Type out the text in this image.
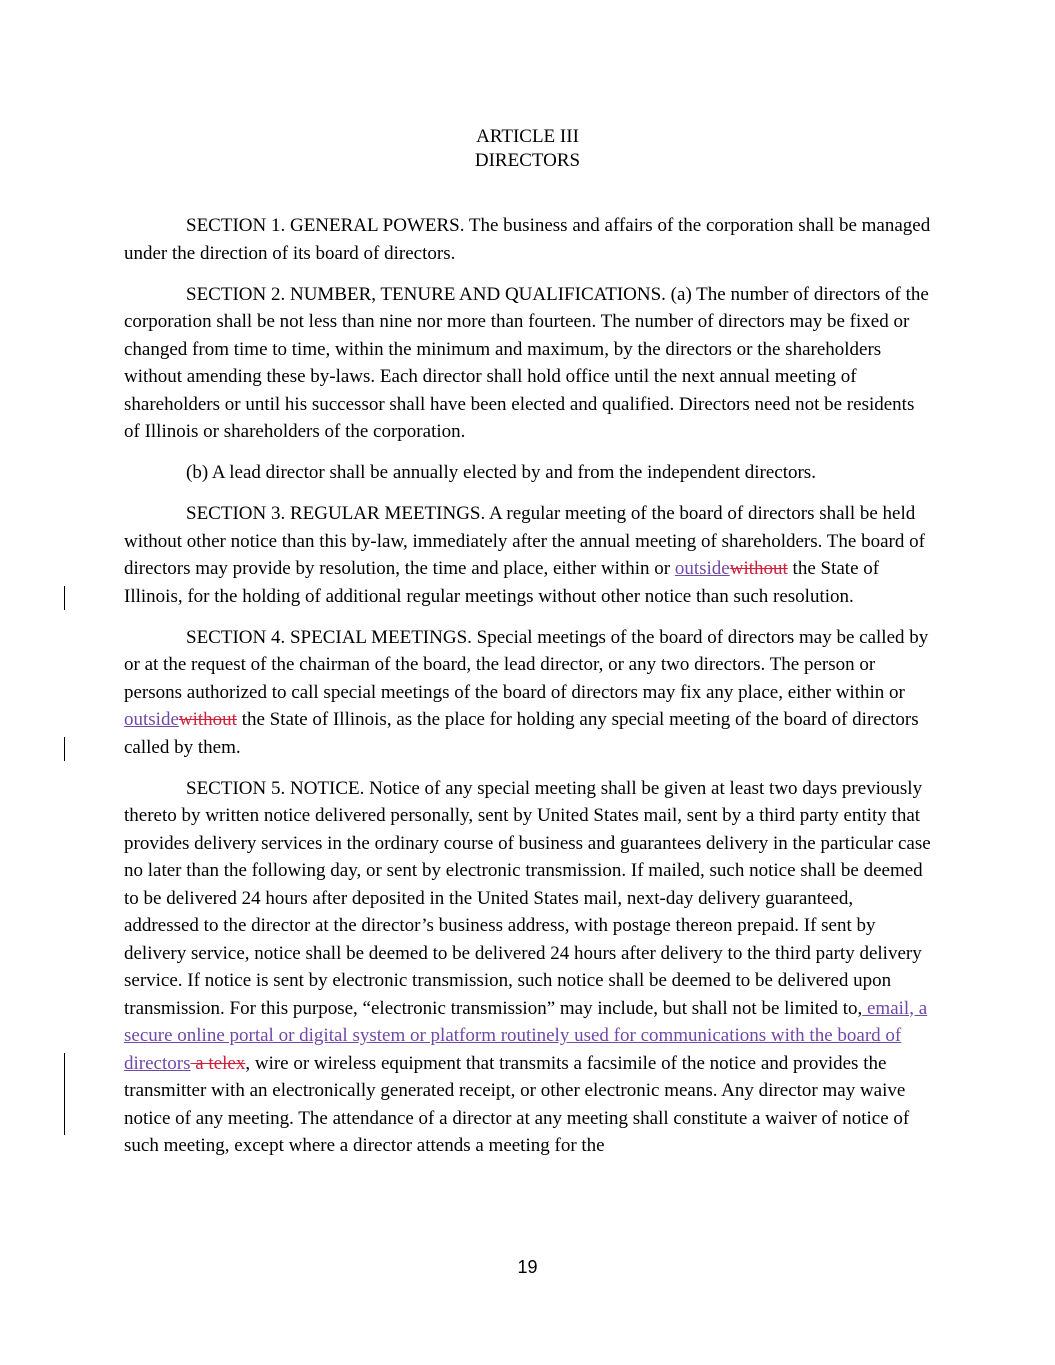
ARTICLE III
DIRECTORS

SECTION 1. GENERAL POWERS. The business and affairs of the corporation shall be managed under the direction of its board of directors.

SECTION 2. NUMBER, TENURE AND QUALIFICATIONS. (a) The number of directors of the corporation shall be not less than nine nor more than fourteen. The number of directors may be fixed or changed from time to time, within the minimum and maximum, by the directors or the shareholders without amending these by-laws. Each director shall hold office until the next annual meeting of shareholders or until his successor shall have been elected and qualified. Directors need not be residents of Illinois or shareholders of the corporation.

(b) A lead director shall be annually elected by and from the independent directors.

SECTION 3. REGULAR MEETINGS. A regular meeting of the board of directors shall be held without other notice than this by-law, immediately after the annual meeting of shareholders. The board of directors may provide by resolution, the time and place, either within or outsidewithout the State of Illinois, for the holding of additional regular meetings without other notice than such resolution.

SECTION 4. SPECIAL MEETINGS. Special meetings of the board of directors may be called by or at the request of the chairman of the board, the lead director, or any two directors. The person or persons authorized to call special meetings of the board of directors may fix any place, either within or outsidewithout the State of Illinois, as the place for holding any special meeting of the board of directors called by them.

SECTION 5. NOTICE. Notice of any special meeting shall be given at least two days previously thereto by written notice delivered personally, sent by United States mail, sent by a third party entity that provides delivery services in the ordinary course of business and guarantees delivery in the particular case no later than the following day, or sent by electronic transmission. If mailed, such notice shall be deemed to be delivered 24 hours after deposited in the United States mail, next-day delivery guaranteed, addressed to the director at the director’s business address, with postage thereon prepaid. If sent by delivery service, notice shall be deemed to be delivered 24 hours after delivery to the third party delivery service. If notice is sent by electronic transmission, such notice shall be deemed to be delivered upon transmission. For this purpose, “electronic transmission” may include, but shall not be limited to, email, a secure online portal or digital system or platform routinely used for communications with the board of directors a telex, wire or wireless equipment that transmits a facsimile of the notice and provides the transmitter with an electronically generated receipt, or other electronic means. Any director may waive notice of any meeting. The attendance of a director at any meeting shall constitute a waiver of notice of such meeting, except where a director attends a meeting for the

19
